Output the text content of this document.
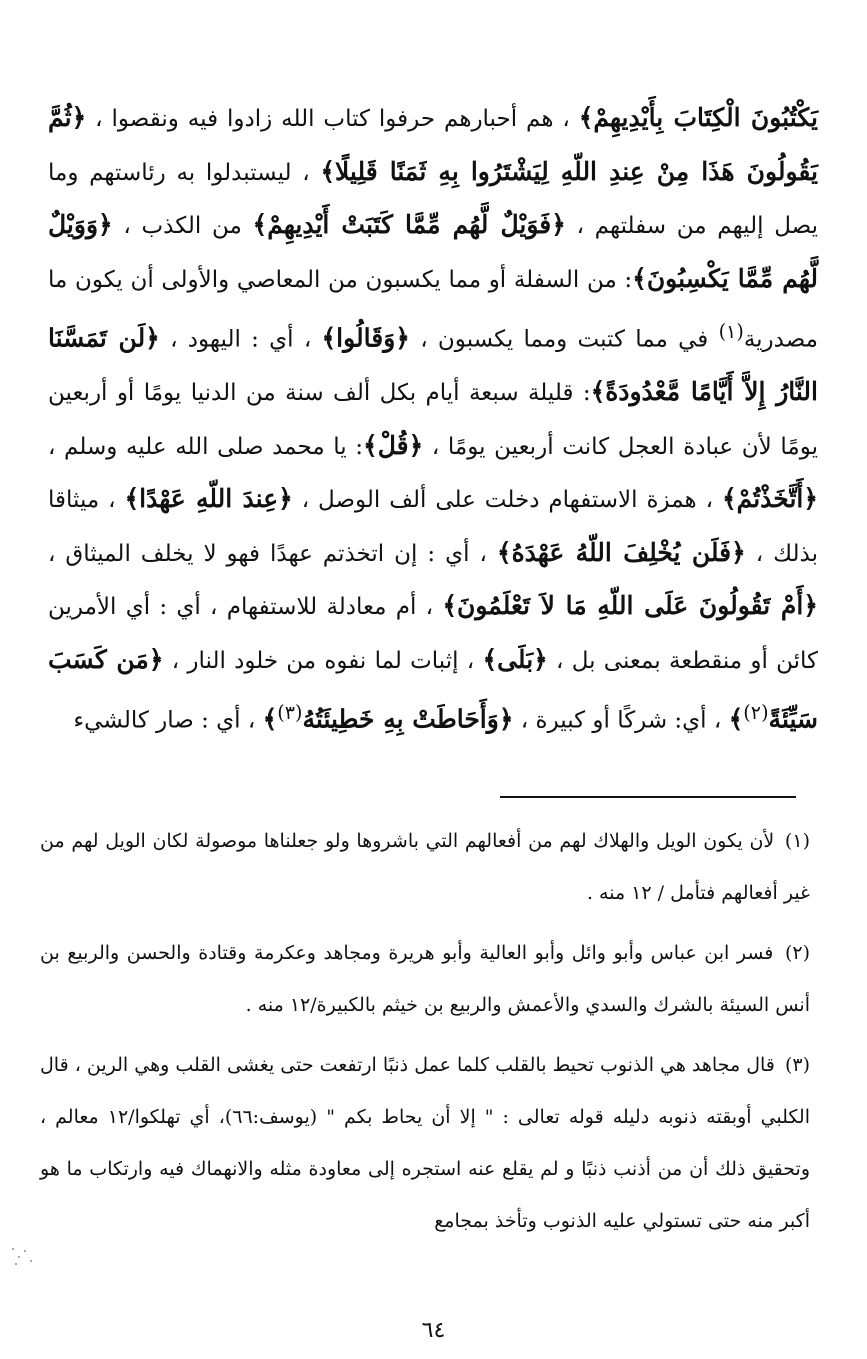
يَكْتُبُونَ الْكِتَابَ بِأَيْدِيهِمْ﴾ ، هم أحبارهم حرفوا كتاب الله زادوا فيه ونقصوا ، ﴿ثُمَّ يَقُولُونَ هَذَا مِنْ عِندِ اللّهِ لِيَشْتَرُوا بِهِ ثَمَنًا قَلِيلًا﴾ ، ليستبدلوا به رئاستهم وما يصل إليهم من سفلتهم ، ﴿فَوَيْلٌ لَّهُم مِّمَّا كَتَبَتْ أَيْدِيهِمْ﴾ من الكذب ، ﴿وَوَيْلٌ لَّهُم مِّمَّا يَكْسِبُونَ﴾: من السفلة أو مما يكسبون من المعاصي والأولى أن يكون ما مصدرية$^{(١)}$ في مما كتبت ومما يكسبون ، ﴿وَقَالُوا﴾ ، أي : اليهود ، ﴿لَن تَمَسَّنَا النَّارُ إِلاَّ أَيَّامًا مَّعْدُودَةً﴾: قليلة سبعة أيام بكل ألف سنة من الدنيا يومًا أو أربعين يومًا لأن عبادة العجل كانت أربعين يومًا ، ﴿قُلْ﴾: يا محمد صلى الله عليه وسلم ، ﴿أَتَّخَذْتُمْ﴾ ، همزة الاستفهام دخلت على ألف الوصل ، ﴿عِندَ اللّهِ عَهْدًا﴾ ، ميثاقا بذلك ، ﴿فَلَن يُخْلِفَ اللّهُ عَهْدَهُ﴾ ، أي : إن اتخذتم عهدًا فهو لا يخلف الميثاق ، ﴿أَمْ تَقُولُونَ عَلَى اللّهِ مَا لاَ تَعْلَمُونَ﴾ ، أم معادلة للاستفهام ، أي : أي الأمرين كائن أو منقطعة بمعنى بل ، ﴿بَلَى﴾ ، إثبات لما نفوه من خلود النار ، ﴿مَن كَسَبَ سَيِّئَةً$^{(٢)}$﴾ ، أي: شركًا أو كبيرة ، ﴿وَأَحَاطَتْ بِهِ خَطِيئَتُهُ$^{(٣)}$﴾ ، أي : صار كالشيء

(١) لأن يكون الويل والهلاك لهم من أفعالهم التي باشروها ولو جعلناها موصولة لكان الويل لهم من غير أفعالهم فتأمل / ١٢ منه .

(٢) فسر ابن عباس وأبو وائل وأبو العالية وأبو هريرة ومجاهد وعكرمة وقتادة والحسن والربيع بن أنس السيئة بالشرك والسدي والأعمش والربيع بن خيثم بالكبيرة/١٢ منه .

(٣) قال مجاهد هي الذنوب تحيط بالقلب كلما عمل ذنبًا ارتفعت حتى يغشى القلب وهي الرين ، قال الكلبي أوبقته ذنوبه دليله قوله تعالى : " إلا أن يحاط بكم " (يوسف:٦٦)، أي تهلكوا/١٢ معالم ، وتحقيق ذلك أن من أذنب ذنبًا و لم يقلع عنه استجره إلى معاودة مثله والانهماك فيه وارتكاب ما هو أكبر منه حتى تستولي عليه الذنوب وتأخذ بمجامع

٦٤
